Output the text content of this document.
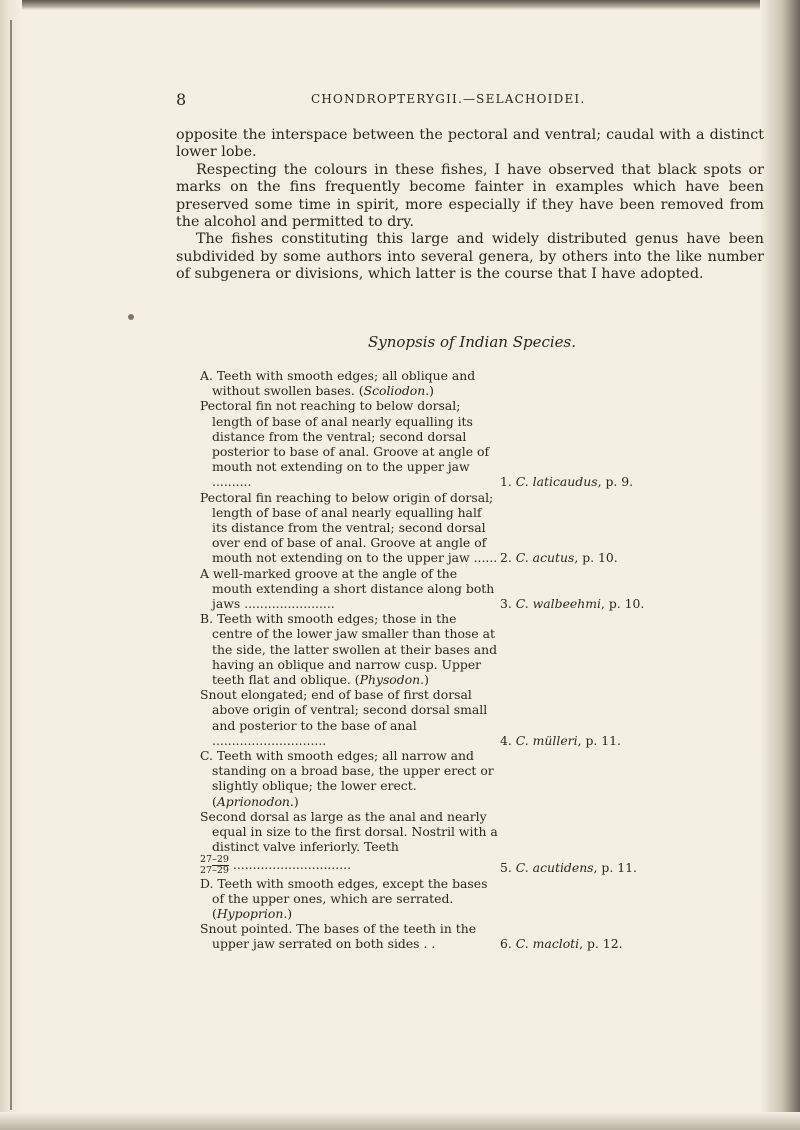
8	CHONDROPTERYGII.—SELACHOIDEI.

opposite the interspace between the pectoral and ventral; caudal with a distinct lower lobe.

Respecting the colours in these fishes, I have observed that black spots or marks on the fins frequently become fainter in examples which have been preserved some time in spirit, more especially if they have been removed from the alcohol and permitted to dry.

The fishes constituting this large and widely distributed genus have been subdivided by some authors into several genera, by others into the like number of subgenera or divisions, which latter is the course that I have adopted.

Synopsis of Indian Species.
A. Teeth with smooth edges; all oblique and without swollen bases. (Scoliodon.)
Pectoral fin not reaching to below dorsal; length of base of anal nearly equalling its distance from the ventral; second dorsal posterior to base of anal. Groove at angle of mouth not extending on to the upper jaw ..........	1. C. laticaudus, p. 9.
Pectoral fin reaching to below origin of dorsal; length of base of anal nearly equalling half its distance from the ventral; second dorsal over end of base of anal. Groove at angle of mouth not extending on to the upper jaw ...... 2. C. acutus, p. 10.
A well-marked groove at the angle of the mouth extending a short distance along both jaws .......................	3. C. walbeehmi, p. 10.
B. Teeth with smooth edges; those in the centre of the lower jaw smaller than those at the side, the latter swollen at their bases and having an oblique and narrow cusp. Upper teeth flat and oblique. (Physodon.)
Snout elongated; end of base of first dorsal above origin of ventral; second dorsal small and posterior to the base of anal .............................	4. C. mülleri, p. 11.
C. Teeth with smooth edges; all narrow and standing on a broad base, the upper erect or slightly oblique; the lower erect. (Aprionodon.)
Second dorsal as large as the anal and nearly equal in size to the first dorsal. Nostril with a distinct valve inferiorly. Teeth

$\frac{27-29}{27-29}$ ..............................	5. C. acutidens, p. 11.
D. Teeth with smooth edges, except the bases of the upper ones, which are serrated. (Hypoprion.)
Snout pointed. The bases of the teeth in the upper jaw serrated on both sides . .	6. C. macloti, p. 12.
